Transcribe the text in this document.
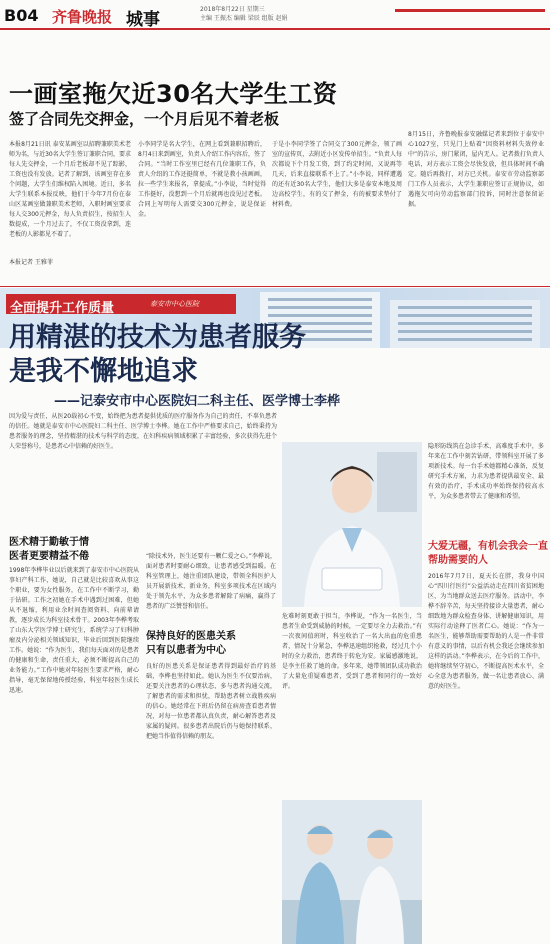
B04 齐鲁晚报 城事
2018年8月22日 星期三
主编 王振杰 编辑 梁辰 组版 赵娟
一画室拖欠近30名大学生工资
签了合同先交押金，一个月后见不着老板
本报8月21日讯 泰安某画室以招聘兼职美术老师为名，与近30名大学生签订兼职合同，要求每人先交押金，一个月后老板却不见了踪影，工资也没有发放。记者了解到，该画室存在多个问题，大学生们维权陷入困境。近日，多名大学生联系本报反映，他们于今年7月份在泰山区某画室做兼职美术老师，入职时画室要求每人交300元押金，每人负责招生，按招生人数提成，一个月过去了，不仅工资没拿到，连老板的人影都见不着了。
本报记者 王雅菲
小李同学是名大学生，在网上看到兼职招聘后，8月4日来到画室，负责人介绍工作内容后，签了合同。“当时工作室里已经有几位兼职工作，负责人介绍的工作还挺简单，不就是教小孩画画，拉一些学生来报名，拿提成。”小李说，当时觉得工作挺好，没想到一个月后就再也没见过老板。合同上写明每人需要交300元押金，说是保证金。
于是小李同学签了合同交了300元押金，领了画室的宣传页，去附近小区发传单招生。“负责人每次都说下个月发工资，到了约定时间，又说再等几天，后来直接联系不上了。”小李说，同样遭遇的还有近30名大学生，他们大多是泰安本地及周边高校学生，有的交了押金，有的被要求垫付了材料费。
8月15日，齐鲁晚报泰安融媒记者来到位于泰安中心1027室，只见门上贴着“因资料材料失效停业中”的告示，房门紧闭，屋内无人。记者拨打负责人电话，对方表示工资会尽快发放，但具体时间不确定。随后再拨打，对方已关机。泰安市劳动监察部门工作人员表示，大学生兼职应签订正规协议，如遇拖欠可向劳动监察部门投诉，同时注意保留证据。
全面提升工作质量	泰安市中心医院
用精湛的技术为患者服务
是我不懈地追求
——记泰安市中心医院妇二科主任、医学博士李桦
因为爱与责任，从医20载初心不变，始终把为患者提供优质的医疗服务作为自己的责任，不辜负患者的信任。她就是泰安市中心医院妇二科主任、医学博士李桦。她在工作中严格要求自己，始终秉持为患者服务的理念，坚持精湛的技术与科学的态度，在妇科疾病领域积累了丰富经验，多次获得先进个人荣誉称号，是患者心中信赖的好医生。	隐形防线筑在急诊手术、高难度手术中，多年来在工作中刻苦钻研，带领科室开展了多项新技术。每一台手术她都精心准备，反复研究手术方案，力求为患者提供最安全、最有效的治疗，手术成功率始终保持较高水平，为众多患者带去了健康和希望。
大爱无疆，有机会我会一直
帮助需要的人
2016年7月7日，夏天长在胖，我身中国心“四川行医行”公益活动走在四川省贫困地区，为当地群众送去医疗服务。活动中，李桦不辞辛苦，每天坚持接诊大量患者，耐心细致地为群众检查身体、讲解健康知识，用实际行动诠释了医者仁心。她说：“作为一名医生，能够帮助需要帮助的人是一件非常有意义的事情，以后有机会我还会继续参加这样的活动。”李桦表示，在今后的工作中，她将继续坚守初心，不断提高医术水平，全心全意为患者服务，做一名让患者放心、满意的好医生。
医术精于勤敏于情
医者更要精益不倦
1998年李桦毕业以后就来到了泰安市中心医院从事妇产科工作，她说，自己就是比较喜欢从事这个职业，要为女性服务，在工作中不断学习，勤于钻研。工作之初她在手术中遇到过困难，但她从不退缩，利用业余时间查阅资料、向前辈请教，逐步成长为科室技术骨干。2003年李桦考取了山东大学医学博士研究生，系统学习了妇科肿瘤及内分泌相关领域知识，毕业后回到医院继续工作。她说：“作为医生，我们每天面对的是患者的健康和生命，责任重大，必须不断提高自己的业务能力。”工作中她对年轻医生要求严格，耐心指导，毫无保留地传授经验，科室年轻医生成长迅速。
“除技术外，医生还要有一颗仁爱之心。”李桦说，面对患者时要耐心细致，让患者感受到温暖。在科室管理上，她注重团队建设，带领全科医护人员开展新技术、新业务，科室多项技术在区域内处于领先水平，为众多患者解除了病痛，赢得了患者的广泛赞誉和信任。
保持良好的医患关系
只有以患者为中心
良好的医患关系是保证患者得到最好治疗的基础，李桦也坚持如此。她认为医生不仅要治病，还要关注患者的心理状态，多与患者沟通交流，了解患者的需求和担忧，帮助患者树立战胜疾病的信心。她经常在下班后仍留在病房查看患者情况，对每一位患者都认真负责，耐心解答患者及家属的疑问。很多患者出院后仍与她保持联系，把她当作值得信赖的朋友。
危难时刻更敢于担当，李桦说，“作为一名医生，当患者生命受到威胁的时候，一定要尽全力去救治。”有一次夜间值班时，科室收治了一名大出血的危重患者，情况十分紧急，李桦迅速组织抢救，经过几个小时的全力救治，患者终于转危为安。家属感激地说，是李主任救了她的命。多年来，她带领团队成功救治了大量危重疑难患者，受到了患者和同行的一致好评。
